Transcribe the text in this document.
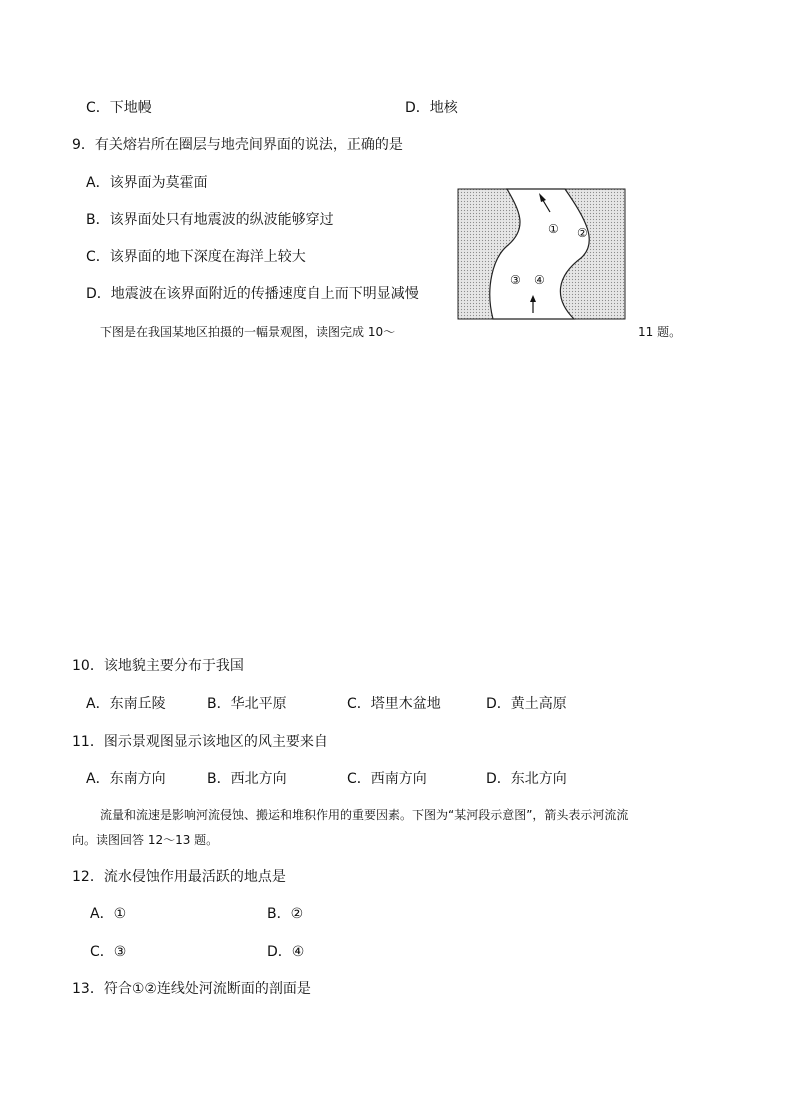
C．下地幔	D．地核
9．有关熔岩所在圈层与地壳间界面的说法，正确的是
A．该界面为莫霍面
B．该界面处只有地震波的纵波能够穿过
C．该界面的地下深度在海洋上较大
D．地震波在该界面附近的传播速度自上而下明显减慢
① ②
③ ④
下图是在我国某地区拍摄的一幅景观图，读图完成 10～	11 题。
10．该地貌主要分布于我国
A．东南丘陵	B．华北平原	C．塔里木盆地	D．黄土高原
11．图示景观图显示该地区的风主要来自
A．东南方向	B．西北方向	C．西南方向	D．东北方向
流量和流速是影响河流侵蚀、搬运和堆积作用的重要因素。下图为“某河段示意图”，箭头表示河流流
向。读图回答 12～13 题。
12．流水侵蚀作用最活跃的地点是
A．①	B．②
C．③	D．④
13．符合①②连线处河流断面的剖面是
